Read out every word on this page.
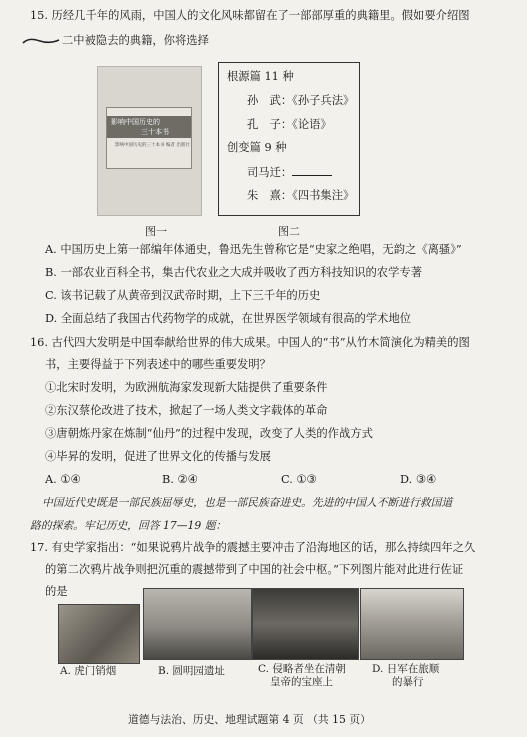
15. 历经几千年的风雨，中国人的文化风味都留在了一部部厚重的典籍里。假如要介绍图
二中被隐去的典籍，你将选择
影响中国历史的
三十本书
影响中国历史的三十本书 编者 出版社
根源篇 11 种
孙　武：《孙子兵法》
孔　子：《论语》
创变篇 9 种
司马迁：
朱　熹：《四书集注》
图一	图二
A. 中国历史上第一部编年体通史，鲁迅先生曾称它是“史家之绝唱，无韵之《离骚》”
B. 一部农业百科全书，集古代农业之大成并吸收了西方科技知识的农学专著
C. 该书记载了从黄帝到汉武帝时期，上下三千年的历史
D. 全面总结了我国古代药物学的成就，在世界医学领域有很高的学术地位
16. 古代四大发明是中国奉献给世界的伟大成果。中国人的“书”从竹木简演化为精美的图
书，主要得益于下列表述中的哪些重要发明？
①北宋时发明，为欧洲航海家发现新大陆提供了重要条件
②东汉蔡伦改进了技术，掀起了一场人类文字载体的革命
③唐朝炼丹家在炼制“仙丹”的过程中发现，改变了人类的作战方式
④毕昇的发明，促进了世界文化的传播与发展
A. ①④	B. ②④	C. ①③	D. ③④
中国近代史既是一部民族屈辱史，也是一部民族奋进史。先进的中国人不断进行救国道
路的探索。牢记历史，回答 17—19 题：
17. 有史学家指出：“如果说鸦片战争的震撼主要冲击了沿海地区的话，那么持续四年之久
的第二次鸦片战争则把沉重的震撼带到了中国的社会中枢。”下列图片能对此进行佐证
的是
A. 虎门销烟	B. 圆明园遗址	C. 侵略者坐在清朝
皇帝的宝座上
D. 日军在旅顺
的暴行
道德与法治、历史、地理试题第 4 页 （共 15 页）
